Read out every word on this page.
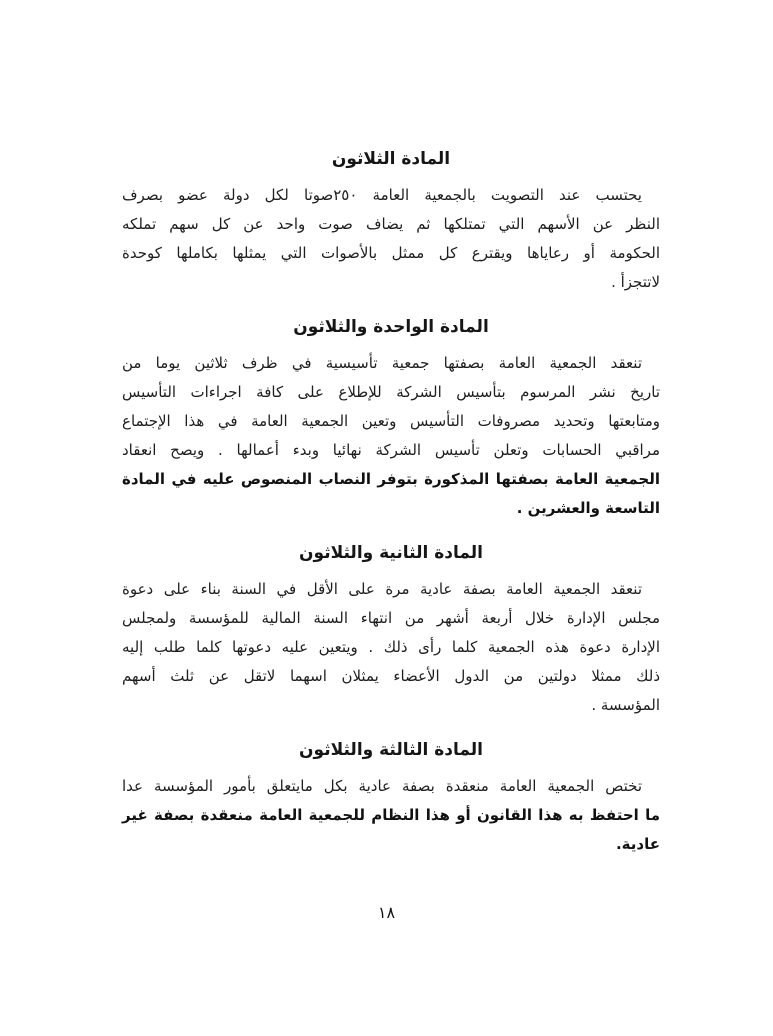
المادة الثلاثون
يحتسب عند التصويت بالجمعية العامة ٢٥٠صوتا لكل دولة عضو بصرف
النظر عن الأسهم التي تمتلكها ثم يضاف صوت واحد عن كل سهم تملكه
الحكومة أو رعاياها ويقترع كل ممثل بالأصوات التي يمثلها بكاملها كوحدة
لاتتجزأ .
المادة الواحدة والثلاثون
تنعقد الجمعية العامة بصفتها جمعية تأسيسية في ظرف ثلاثين يوما من
تاريخ نشر المرسوم بتأسيس الشركة للإطلاع على كافة اجراءات التأسيس
ومتابعتها وتحديد مصروفات التأسيس وتعين الجمعية العامة في هذا الإجتماع
مراقبي الحسابات وتعلن تأسيس الشركة نهائيا وبدء أعمالها . ويصح انعقاد
الجمعية العامة بصفتها المذكورة بتوفر النصاب المنصوص عليه في المادة
التاسعة والعشرين .
المادة الثانية والثلاثون
تنعقد الجمعية العامة بصفة عادية مرة على الأقل في السنة بناء على دعوة
مجلس الإدارة خلال أربعة أشهر من انتهاء السنة المالية للمؤسسة ولمجلس
الإدارة دعوة هذه الجمعية كلما رأى ذلك . ويتعين عليه دعوتها كلما طلب إليه
ذلك ممثلا دولتين من الدول الأعضاء يمثلان اسهما لاتقل عن ثلث أسهم
المؤسسة .
المادة الثالثة والثلاثون
تختص الجمعية العامة منعقدة بصفة عادية بكل مايتعلق بأمور المؤسسة عدا
ما احتفظ به هذا القانون أو هذا النظام للجمعية العامة منعقدة بصفة غير عادية.
١٨
